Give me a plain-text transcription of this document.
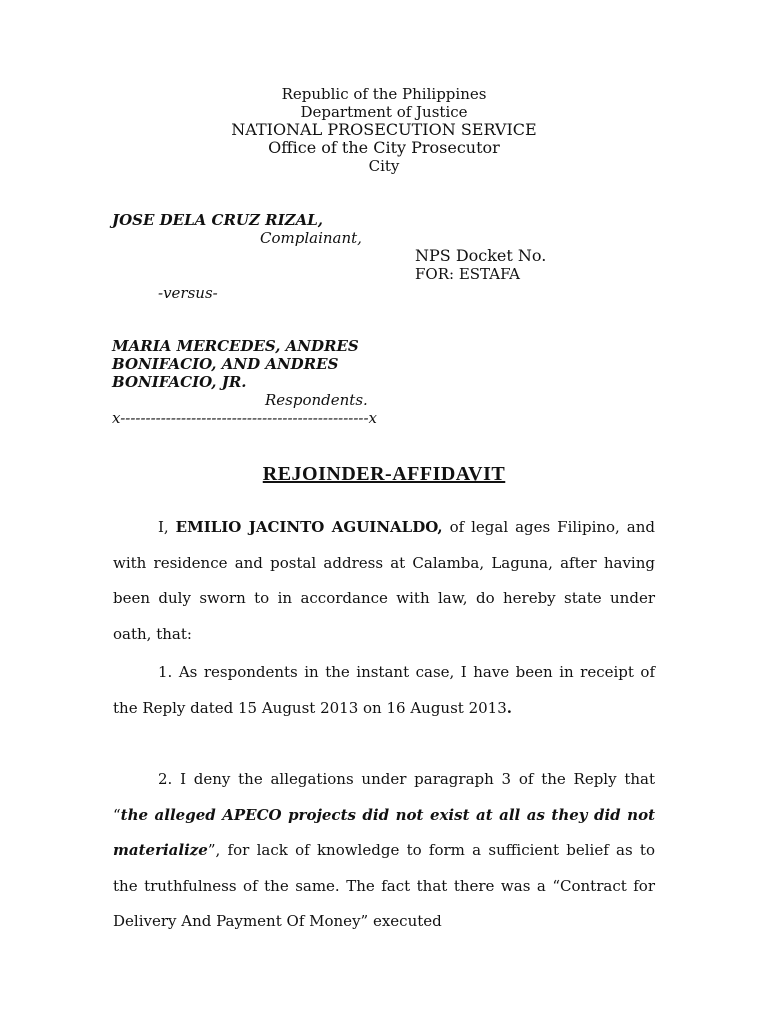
Republic of the Philippines
Department of Justice
NATIONAL PROSECUTION SERVICE
Office of the City Prosecutor
City
JOSE DELA CRUZ RIZAL,
Complainant,
NPS Docket No.
FOR: ESTAFA
-versus-
MARIA MERCEDES, ANDRES
BONIFACIO, AND ANDRES
BONIFACIO, JR.
Respondents.
x-------------------------------------------------x
REJOINDER-AFFIDAVIT
I, EMILIO JACINTO AGUINALDO, of legal ages Filipino, and with residence and postal address at Calamba, Laguna, after having been duly sworn to in accordance with law, do hereby state under oath, that:
1. As respondents in the instant case, I have been in receipt of the Reply dated 15 August 2013 on 16 August 2013.
2. I deny the allegations under paragraph 3 of the Reply that “the alleged APECO projects did not exist at all as they did not materialize”, for lack of knowledge to form a sufficient belief as to the truthfulness of the same. The fact that there was a “Contract for Delivery And Payment Of Money” executed
